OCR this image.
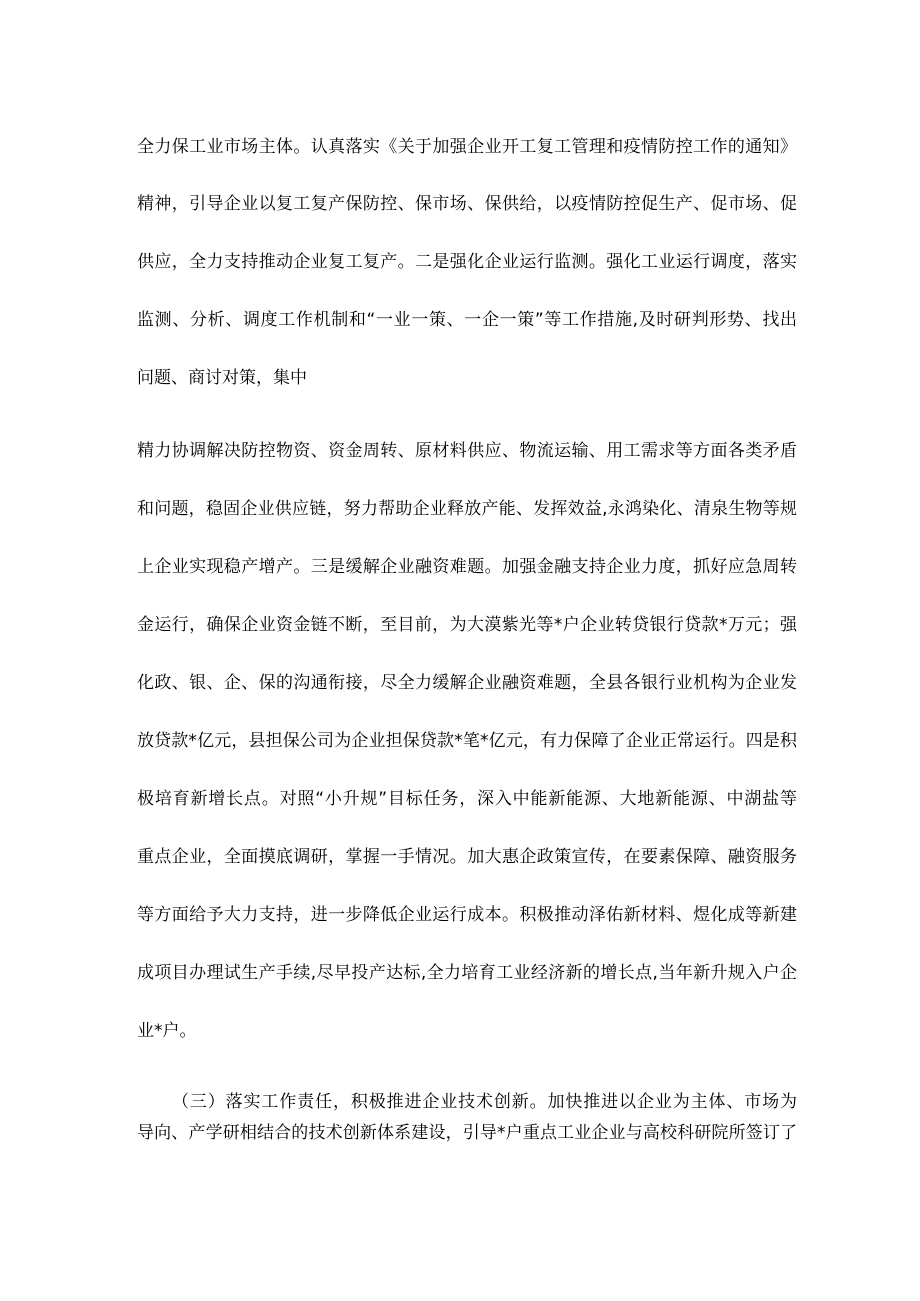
全力保工业市场主体。认真落实《关于加强企业开工复工管理和疫情防控工作的通知》
精神，引导企业以复工复产保防控、保市场、保供给，以疫情防控促生产、促市场、促
供应，全力支持推动企业复工复产。二是强化企业运行监测。强化工业运行调度，落实
监测、分析、调度工作机制和“一业一策、一企一策”等工作措施,及时研判形势、找出
问题、商讨对策，集中
精力协调解决防控物资、资金周转、原材料供应、物流运输、用工需求等方面各类矛盾
和问题，稳固企业供应链，努力帮助企业释放产能、发挥效益,永鸿染化、清泉生物等规
上企业实现稳产增产。三是缓解企业融资难题。加强金融支持企业力度，抓好应急周转
金运行，确保企业资金链不断，至目前，为大漠紫光等*户企业转贷银行贷款*万元；强
化政、银、企、保的沟通衔接，尽全力缓解企业融资难题，全县各银行业机构为企业发
放贷款*亿元，县担保公司为企业担保贷款*笔*亿元，有力保障了企业正常运行。四是积
极培育新增长点。对照“小升规”目标任务，深入中能新能源、大地新能源、中湖盐等
重点企业，全面摸底调研，掌握一手情况。加大惠企政策宣传，在要素保障、融资服务
等方面给予大力支持，进一步降低企业运行成本。积极推动泽佑新材料、煜化成等新建
成项目办理试生产手续,尽早投产达标,全力培育工业经济新的增长点,当年新升规入户企
业*户。
（三）落实工作责任，积极推进企业技术创新。加快推进以企业为主体、市场为
导向、产学研相结合的技术创新体系建设，引导*户重点工业企业与高校科研院所签订了
